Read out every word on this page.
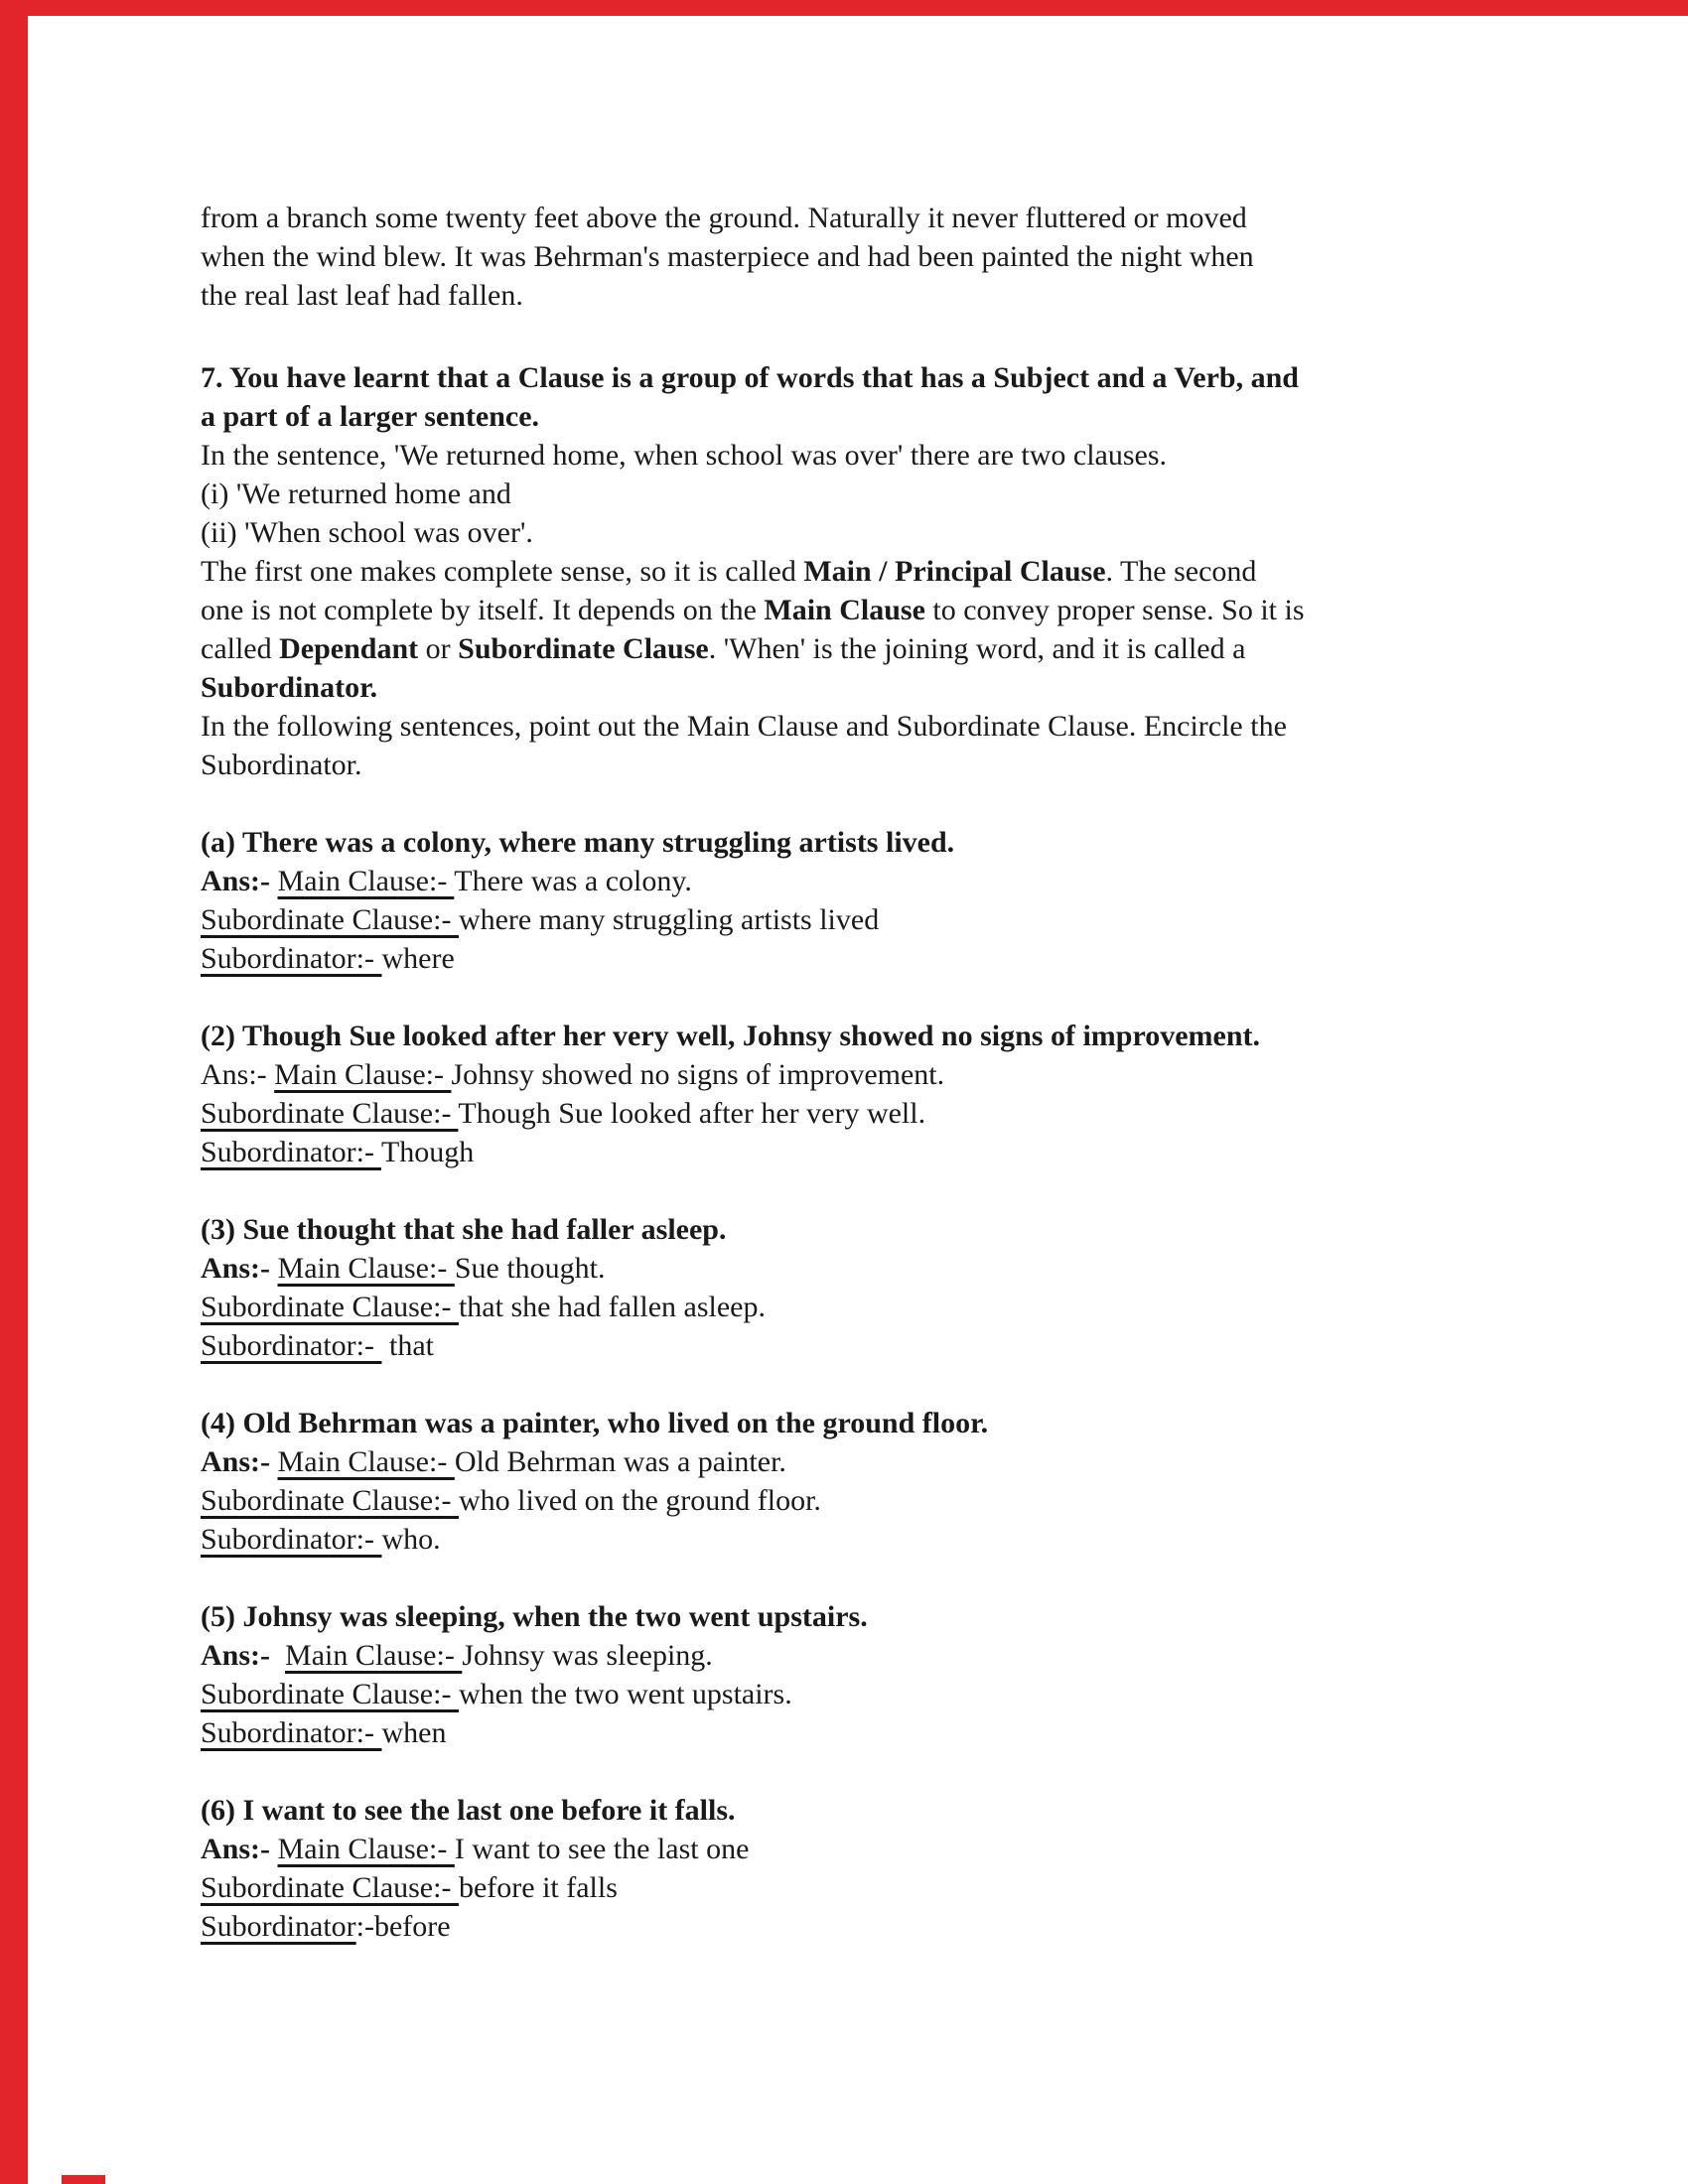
from a branch some twenty feet above the ground. Naturally it never fluttered or moved
when the wind blew. It was Behrman's masterpiece and had been painted the night when
the real last leaf had fallen.
7. You have learnt that a Clause is a group of words that has a Subject and a Verb, and
a part of a larger sentence.
In the sentence, 'We returned home, when school was over' there are two clauses.
(i) 'We returned home and
(ii) 'When school was over'.
The first one makes complete sense, so it is called Main / Principal Clause. The second
one is not complete by itself. It depends on the Main Clause to convey proper sense. So it is
called Dependant or Subordinate Clause. 'When' is the joining word, and it is called a
Subordinator.
In the following sentences, point out the Main Clause and Subordinate Clause. Encircle the
Subordinator.
(a) There was a colony, where many struggling artists lived.
Ans:- Main Clause:- There was a colony.
Subordinate Clause:- where many struggling artists lived
Subordinator:- where
(2) Though Sue looked after her very well, Johnsy showed no signs of improvement.
Ans:- Main Clause:- Johnsy showed no signs of improvement.
Subordinate Clause:- Though Sue looked after her very well.
Subordinator:- Though
(3) Sue thought that she had faller asleep.
Ans:- Main Clause:- Sue thought.
Subordinate Clause:- that she had fallen asleep.
Subordinator:-  that
(4) Old Behrman was a painter, who lived on the ground floor.
Ans:- Main Clause:- Old Behrman was a painter.
Subordinate Clause:- who lived on the ground floor.
Subordinator:- who.
(5) Johnsy was sleeping, when the two went upstairs.
Ans:-  Main Clause:- Johnsy was sleeping.
Subordinate Clause:- when the two went upstairs.
Subordinator:- when
(6) I want to see the last one before it falls.
Ans:- Main Clause:- I want to see the last one
Subordinate Clause:- before it falls
Subordinator:-before
